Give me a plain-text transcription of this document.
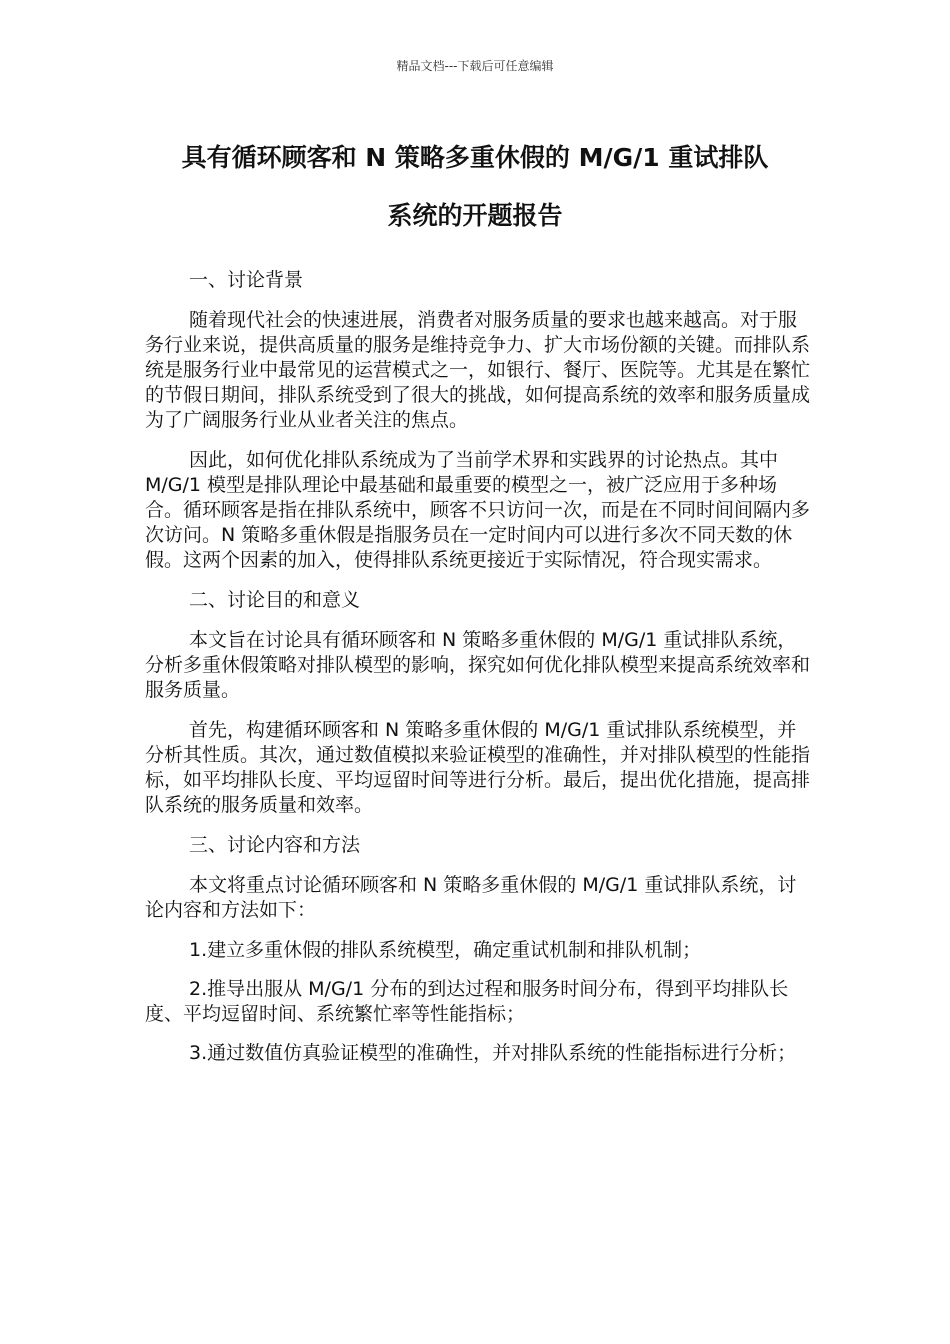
精品文档---下载后可任意编辑
具有循环顾客和 N 策略多重休假的 M/G/1 重试排队
系统的开题报告

一、讨论背景

随着现代社会的快速进展，消费者对服务质量的要求也越来越高。对于服务行业来说，提供高质量的服务是维持竞争力、扩大市场份额的关键。而排队系统是服务行业中最常见的运营模式之一，如银行、餐厅、医院等。尤其是在繁忙的节假日期间，排队系统受到了很大的挑战，如何提高系统的效率和服务质量成为了广阔服务行业从业者关注的焦点。

因此，如何优化排队系统成为了当前学术界和实践界的讨论热点。其中 M/G/1 模型是排队理论中最基础和最重要的模型之一，被广泛应用于多种场合。循环顾客是指在排队系统中，顾客不只访问一次，而是在不同时间间隔内多次访问。N 策略多重休假是指服务员在一定时间内可以进行多次不同天数的休假。这两个因素的加入，使得排队系统更接近于实际情况，符合现实需求。

二、讨论目的和意义

本文旨在讨论具有循环顾客和 N 策略多重休假的 M/G/1 重试排队系统，分析多重休假策略对排队模型的影响，探究如何优化排队模型来提高系统效率和服务质量。

首先，构建循环顾客和 N 策略多重休假的 M/G/1 重试排队系统模型，并分析其性质。其次，通过数值模拟来验证模型的准确性，并对排队模型的性能指标，如平均排队长度、平均逗留时间等进行分析。最后，提出优化措施，提高排队系统的服务质量和效率。

三、讨论内容和方法

本文将重点讨论循环顾客和 N 策略多重休假的 M/G/1 重试排队系统，讨论内容和方法如下：

1.建立多重休假的排队系统模型，确定重试机制和排队机制；

2.推导出服从 M/G/1 分布的到达过程和服务时间分布，得到平均排队长度、平均逗留时间、系统繁忙率等性能指标；

3.通过数值仿真验证模型的准确性，并对排队系统的性能指标进行分析；
